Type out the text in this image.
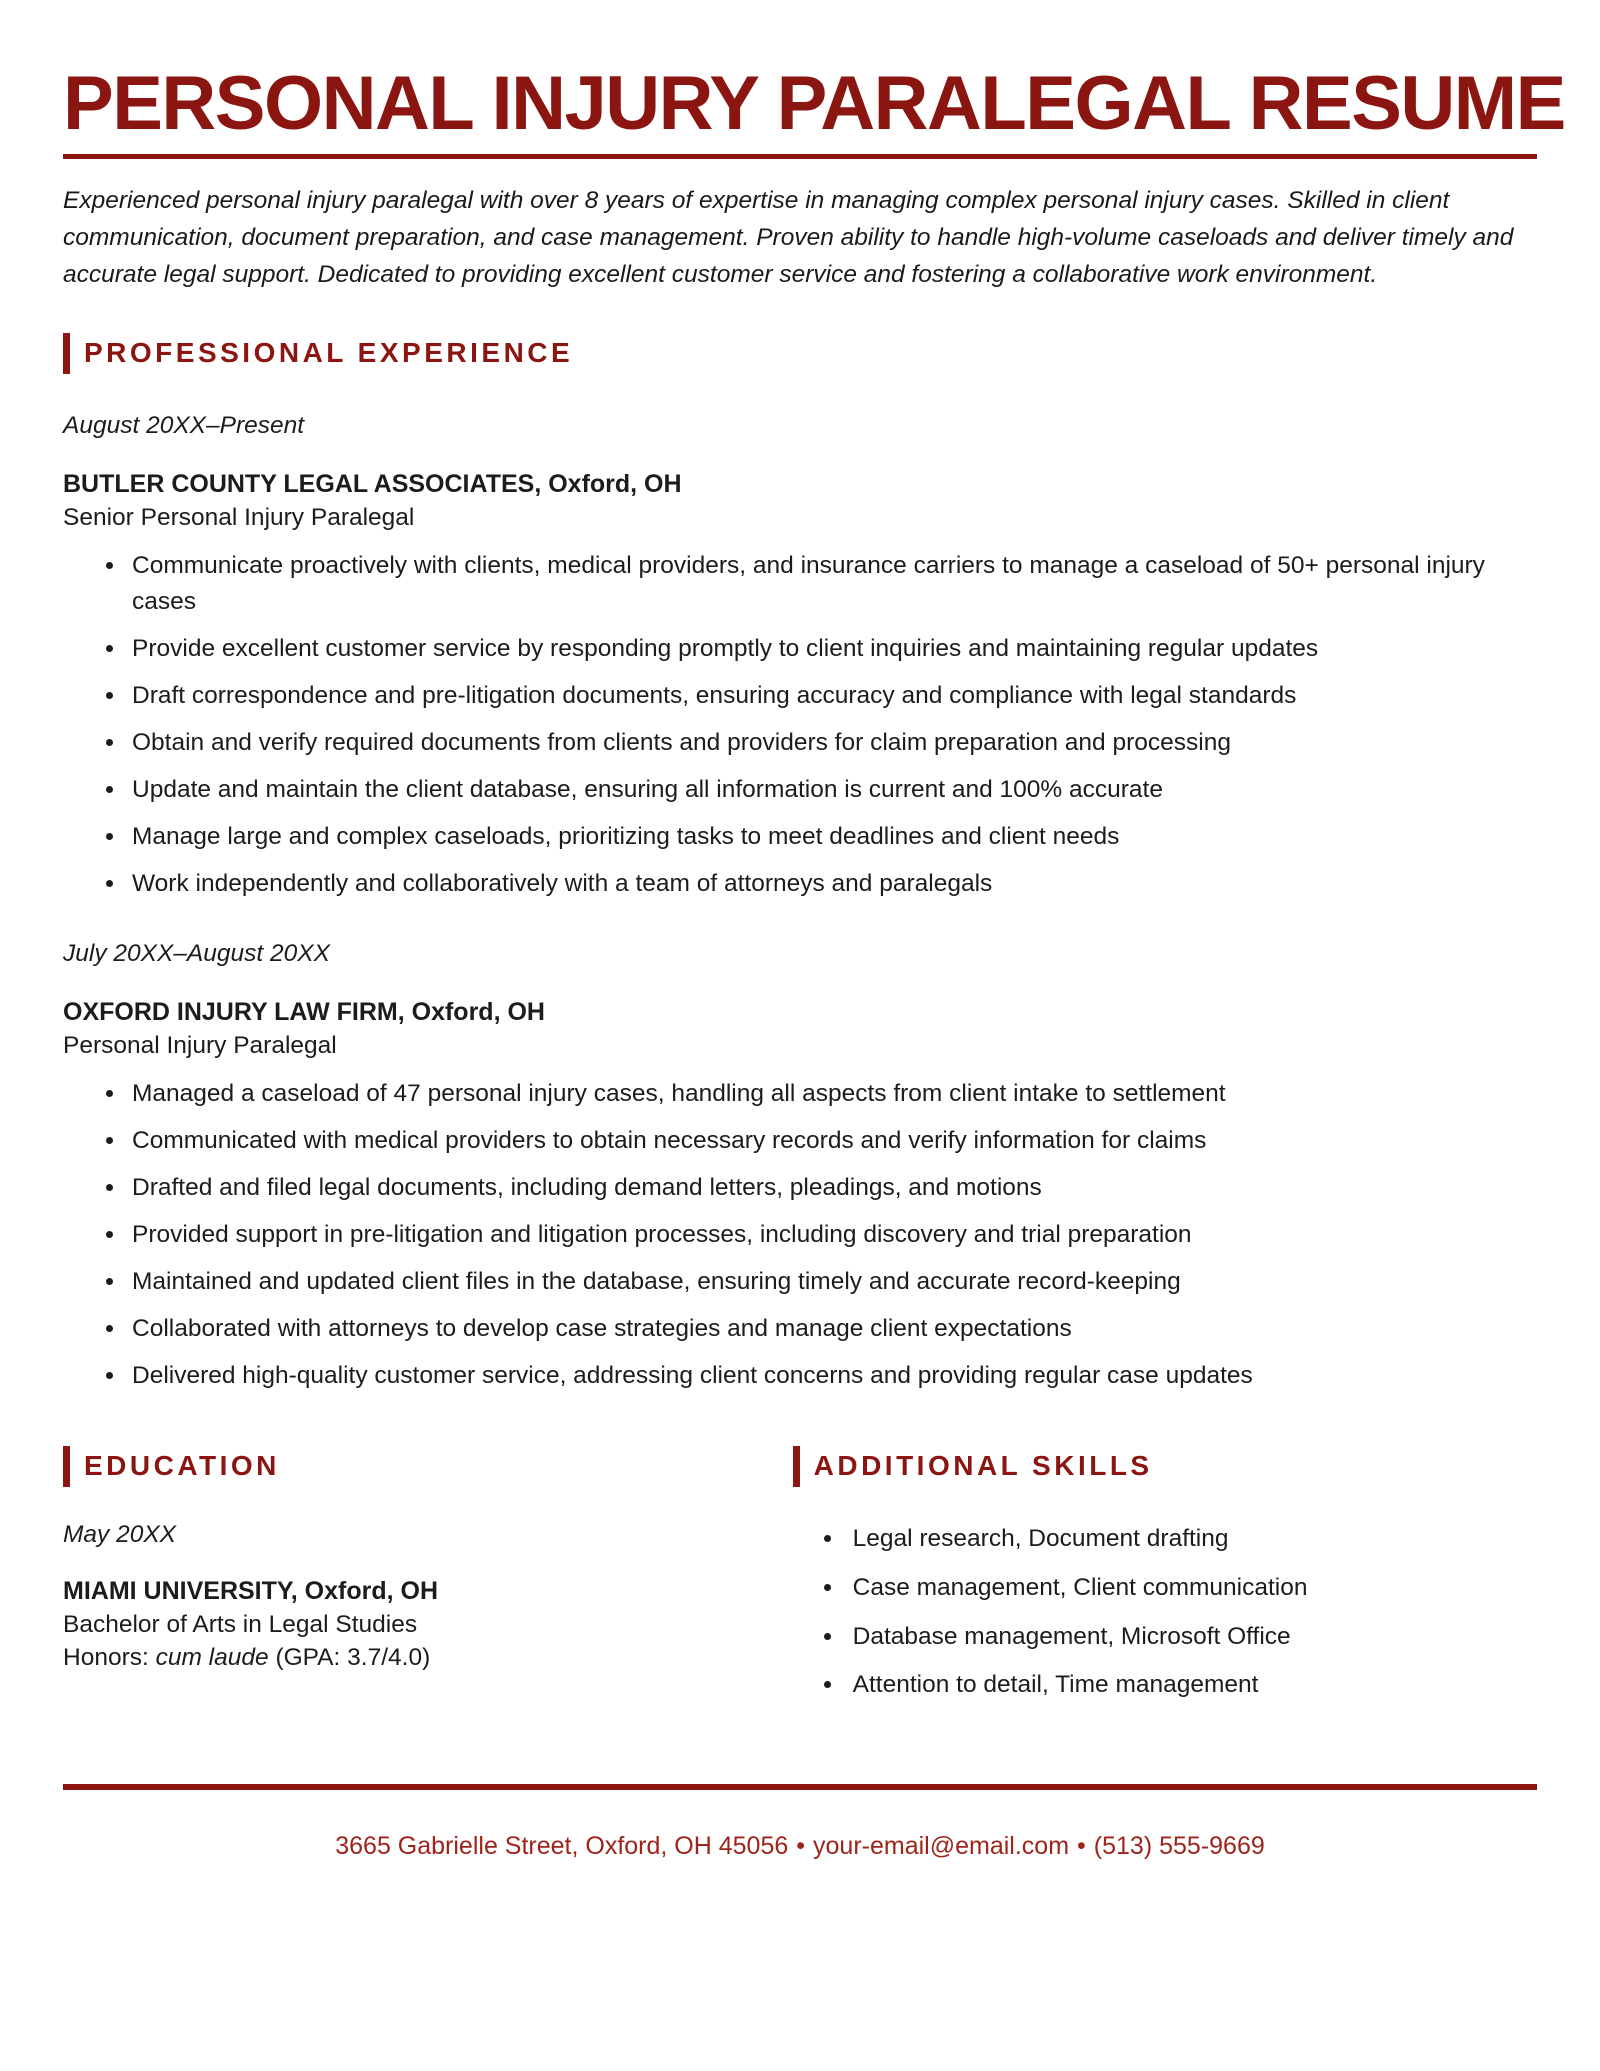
PERSONAL INJURY PARALEGAL RESUME

Experienced personal injury paralegal with over 8 years of expertise in managing complex personal injury cases. Skilled in client communication, document preparation, and case management. Proven ability to handle high-volume caseloads and deliver timely and accurate legal support. Dedicated to providing excellent customer service and fostering a collaborative work environment.

PROFESSIONAL EXPERIENCE

August 20XX–Present

BUTLER COUNTY LEGAL ASSOCIATES, Oxford, OH

Senior Personal Injury Paralegal

• Communicate proactively with clients, medical providers, and insurance carriers to manage a caseload of 50+ personal injury cases
• Provide excellent customer service by responding promptly to client inquiries and maintaining regular updates
• Draft correspondence and pre-litigation documents, ensuring accuracy and compliance with legal standards
• Obtain and verify required documents from clients and providers for claim preparation and processing
• Update and maintain the client database, ensuring all information is current and 100% accurate
• Manage large and complex caseloads, prioritizing tasks to meet deadlines and client needs
• Work independently and collaboratively with a team of attorneys and paralegals

July 20XX–August 20XX

OXFORD INJURY LAW FIRM, Oxford, OH

Personal Injury Paralegal

• Managed a caseload of 47 personal injury cases, handling all aspects from client intake to settlement
• Communicated with medical providers to obtain necessary records and verify information for claims
• Drafted and filed legal documents, including demand letters, pleadings, and motions
• Provided support in pre-litigation and litigation processes, including discovery and trial preparation
• Maintained and updated client files in the database, ensuring timely and accurate record-keeping
• Collaborated with attorneys to develop case strategies and manage client expectations
• Delivered high-quality customer service, addressing client concerns and providing regular case updates
EDUCATION

May 20XX

MIAMI UNIVERSITY, Oxford, OH

Bachelor of Arts in Legal Studies

Honors: cum laude (GPA: 3.7/4.0)

ADDITIONAL SKILLS
• Legal research, Document drafting
• Case management, Client communication
• Database management, Microsoft Office
• Attention to detail, Time management

3665 Gabrielle Street, Oxford, OH 45056 • your-email@email.com • (513) 555-9669
